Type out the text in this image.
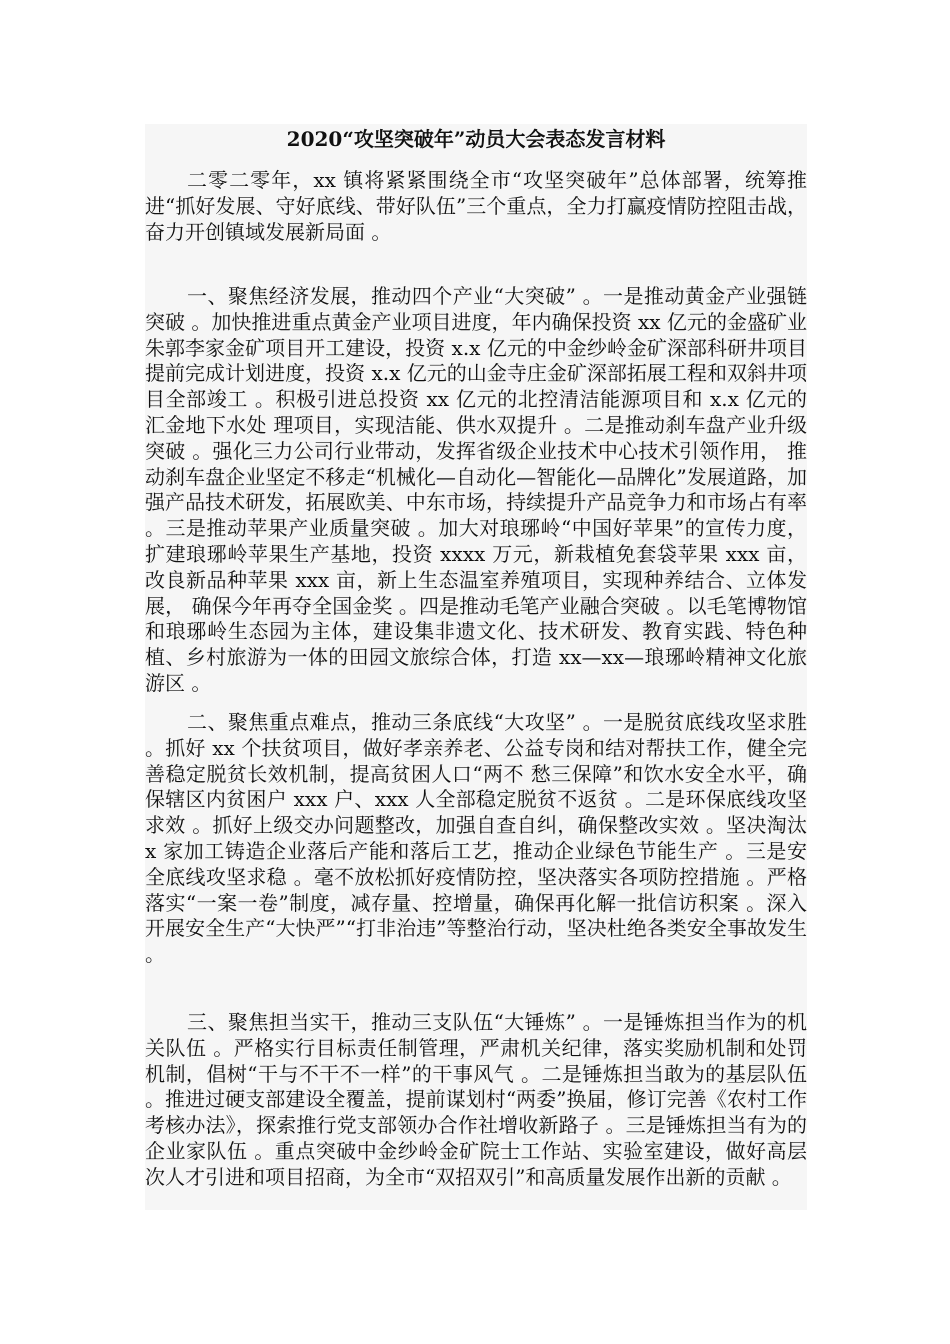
2020“攻坚突破年”动员大会表态发言材料

二零二零年，xx 镇将紧紧围绕全市“攻坚突破年”总体部署，统筹推进“抓好发展、守好底线、带好队伍”三个重点，全力打赢疫情防控阻击战，奋力开创镇域发展新局面 。

一、聚焦经济发展，推动四个产业“大突破” 。一是推动黄金产业强链突破 。加快推进重点黄金产业项目进度，年内确保投资 xx 亿元的金盛矿业朱郭李家金矿项目开工建设，投资 x.x 亿元的中金纱岭金矿深部科研井项目提前完成计划进度，投资 x.x 亿元的山金寺庄金矿深部拓展工程和双斜井项目全部竣工 。积极引进总投资 xx 亿元的北控清洁能源项目和 x.x 亿元的汇金地下水处 理项目，实现洁能、供水双提升 。二是推动刹车盘产业升级突破 。强化三力公司行业带动，发挥省级企业技术中心技术引领作用， 推动刹车盘企业坚定不移走“机械化—自动化—智能化—品牌化”发展道路，加强产品技术研发，拓展欧美、中东市场，持续提升产品竞争力和市场占有率 。三是推动苹果产业质量突破 。加大对琅琊岭“中国好苹果”的宣传力度，扩建琅琊岭苹果生产基地，投资 xxxx 万元，新栽植免套袋苹果 xxx 亩，改良新品种苹果 xxx 亩，新上生态温室养殖项目，实现种养结合、立体发展， 确保今年再夺全国金奖 。四是推动毛笔产业融合突破 。以毛笔博物馆和琅琊岭生态园为主体，建设集非遗文化、技术研发、教育实践、特色种植、乡村旅游为一体的田园文旅综合体，打造 xx—xx—琅琊岭精神文化旅游区 。

二、聚焦重点难点，推动三条底线“大攻坚” 。一是脱贫底线攻坚求胜 。抓好 xx 个扶贫项目，做好孝亲养老、公益专岗和结对帮扶工作，健全完善稳定脱贫长效机制，提高贫困人口“两不 愁三保障”和饮水安全水平，确保辖区内贫困户 xxx 户、xxx 人全部稳定脱贫不返贫 。二是环保底线攻坚求效 。抓好上级交办问题整改，加强自查自纠，确保整改实效 。坚决淘汰 x 家加工铸造企业落后产能和落后工艺，推动企业绿色节能生产 。三是安全底线攻坚求稳 。毫不放松抓好疫情防控，坚决落实各项防控措施 。严格落实“一案一卷”制度，减存量、控增量，确保再化解一批信访积案 。深入开展安全生产“大快严”“打非治违”等整治行动，坚决杜绝各类安全事故发生 。

三、聚焦担当实干，推动三支队伍“大锤炼” 。一是锤炼担当作为的机关队伍 。严格实行目标责任制管理，严肃机关纪律，落实奖励机制和处罚机制，倡树“干与不干不一样”的干事风气 。二是锤炼担当敢为的基层队伍 。推进过硬支部建设全覆盖，提前谋划村“两委”换届，修订完善《农村工作考核办法》，探索推行党支部领办合作社增收新路子 。三是锤炼担当有为的企业家队伍 。重点突破中金纱岭金矿院士工作站、实验室建设，做好高层次人才引进和项目招商，为全市“双招双引”和高质量发展作出新的贡献 。
